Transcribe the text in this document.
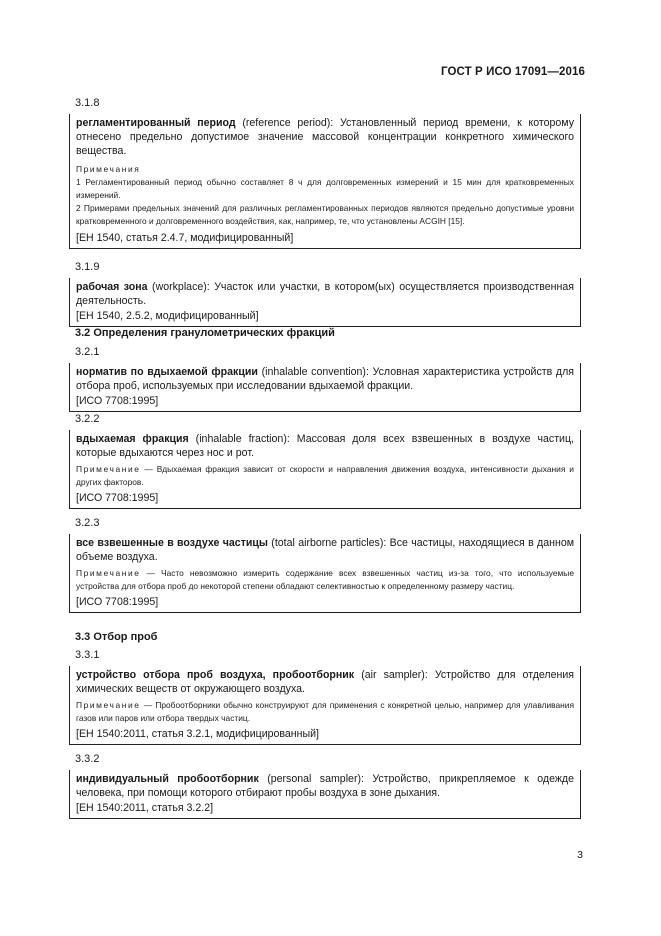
ГОСТ Р ИСО 17091—2016
3.1.8

регламентированный период (reference period): Установленный период времени, к которому отнесено предельно допустимое значение массовой концентрации конкретного химического вещества.

Примечания
1 Регламентированный период обычно составляет 8 ч для долговременных измерений и 15 мин для кратковременных измерений.
2 Примерами предельных значений для различных регламентированных периодов являются предельно допустимые уровни кратковременного и долговременного воздействия, как, например, те, что установлены ACGIH [15].
[ЕН 1540, статья 2.4.7, модифицированный]
3.1.9

рабочая зона (workplace): Участок или участки, в котором(ых) осуществляется производственная деятельность.

[ЕН 1540, 2.5.2, модифицированный]
3.2 Определения гранулометрических фракций
3.2.1

норматив по вдыхаемой фракции (inhalable convention): Условная характеристика устройств для отбора проб, используемых при исследовании вдыхаемой фракции.

[ИСО 7708:1995]
3.2.2

вдыхаемая фракция (inhalable fraction): Массовая доля всех взвешенных в воздухе частиц, которые вдыхаются через нос и рот.

Примечание — Вдыхаемая фракция зависит от скорости и направления движения воздуха, интенсивности дыхания и других факторов.
[ИСО 7708:1995]
3.2.3

все взвешенные в воздухе частицы (total airborne particles): Все частицы, находящиеся в данном объеме воздуха.

Примечание — Часто невозможно измерить содержание всех взвешенных частиц из-за того, что используемые устройства для отбора проб до некоторой степени обладают селективностью к определенному размеру частиц.
[ИСО 7708:1995]
3.3 Отбор проб
3.3.1

устройство отбора проб воздуха, пробоотборник (air sampler): Устройство для отделения химических веществ от окружающего воздуха.

Примечание — Пробоотборники обычно конструируют для применения с конкретной целью, например для улавливания газов или паров или отбора твердых частиц.
[ЕН 1540:2011, статья 3.2.1, модифицированный]
3.3.2

индивидуальный пробоотборник (personal sampler): Устройство, прикрепляемое к одежде человека, при помощи которого отбирают пробы воздуха в зоне дыхания.

[ЕН 1540:2011, статья 3.2.2]
3
